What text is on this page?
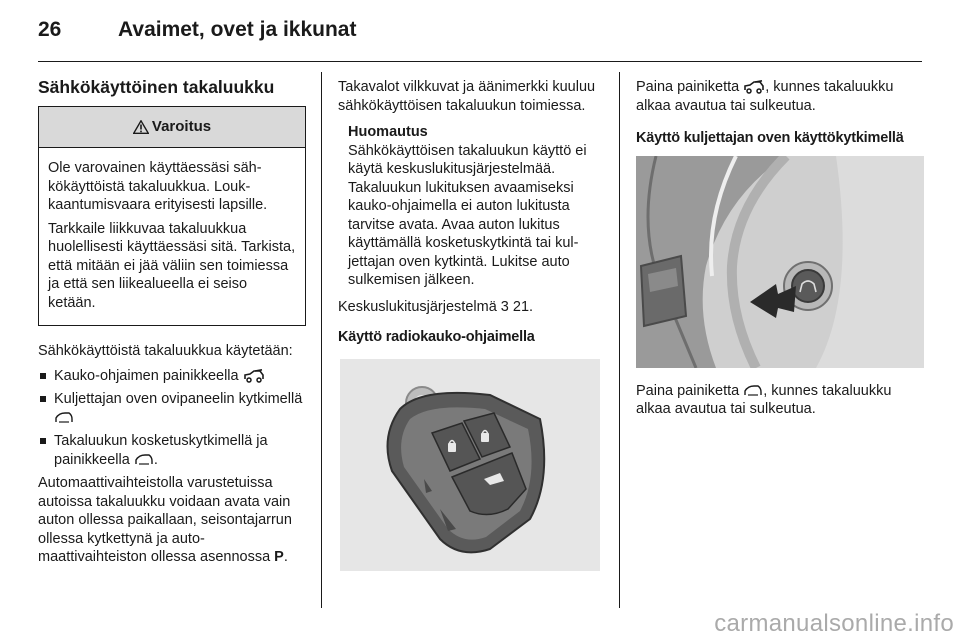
26	Avaimet, ovet ja ikkunat
Sähkökäyttöinen takaluukku
Varoitus

Ole varovainen käyttäessäsi sähkökäyttöistä takaluukkua. Loukkaantumisvaara erityisesti lapsille.

Tarkkaile liikkuvaa takaluukkua huolellisesti käyttäessäsi sitä. Tarkista, että mitään ei jää väliin sen toimiessa ja että sen liikealueella ei seiso ketään.

Sähkökäyttöistä takaluukkua käytetään:

Kauko-ohjaimen painikkeella
Kuljettajan oven ovipaneelin kytkimellä
Takaluukun kosketuskytkimellä ja painikkeella .

Automaattivaihteistolla varustetuissa autoissa takaluukku voidaan avata vain auton ollessa paikallaan, seisontajarrun ollessa kytkettynä ja automaattivaihteiston ollessa asennossa P.

Takavalot vilkkuvat ja äänimerkki kuuluu sähkökäyttöisen takaluukun toimiessa.

Huomautus
Sähkökäyttöisen takaluukun käyttö ei käytä keskuslukitusjärjestelmää. Takaluukun lukituksen avaamiseksi kauko-ohjaimella ei auton lukitusta tarvitse avata. Avaa auton lukitus käyttämällä kosketuskytkintä tai kuljettajan oven kytkintä. Lukitse auto sulkemisen jälkeen.

Keskuslukitusjärjestelmä 3 21.

Käyttö radiokauko-ohjaimella

Paina painiketta , kunnes takaluukku alkaa avautua tai sulkeutua.

Käyttö kuljettajan oven käyttökytkimellä

Paina painiketta , kunnes takaluukku alkaa avautua tai sulkeutua.

carmanualsonline.info
